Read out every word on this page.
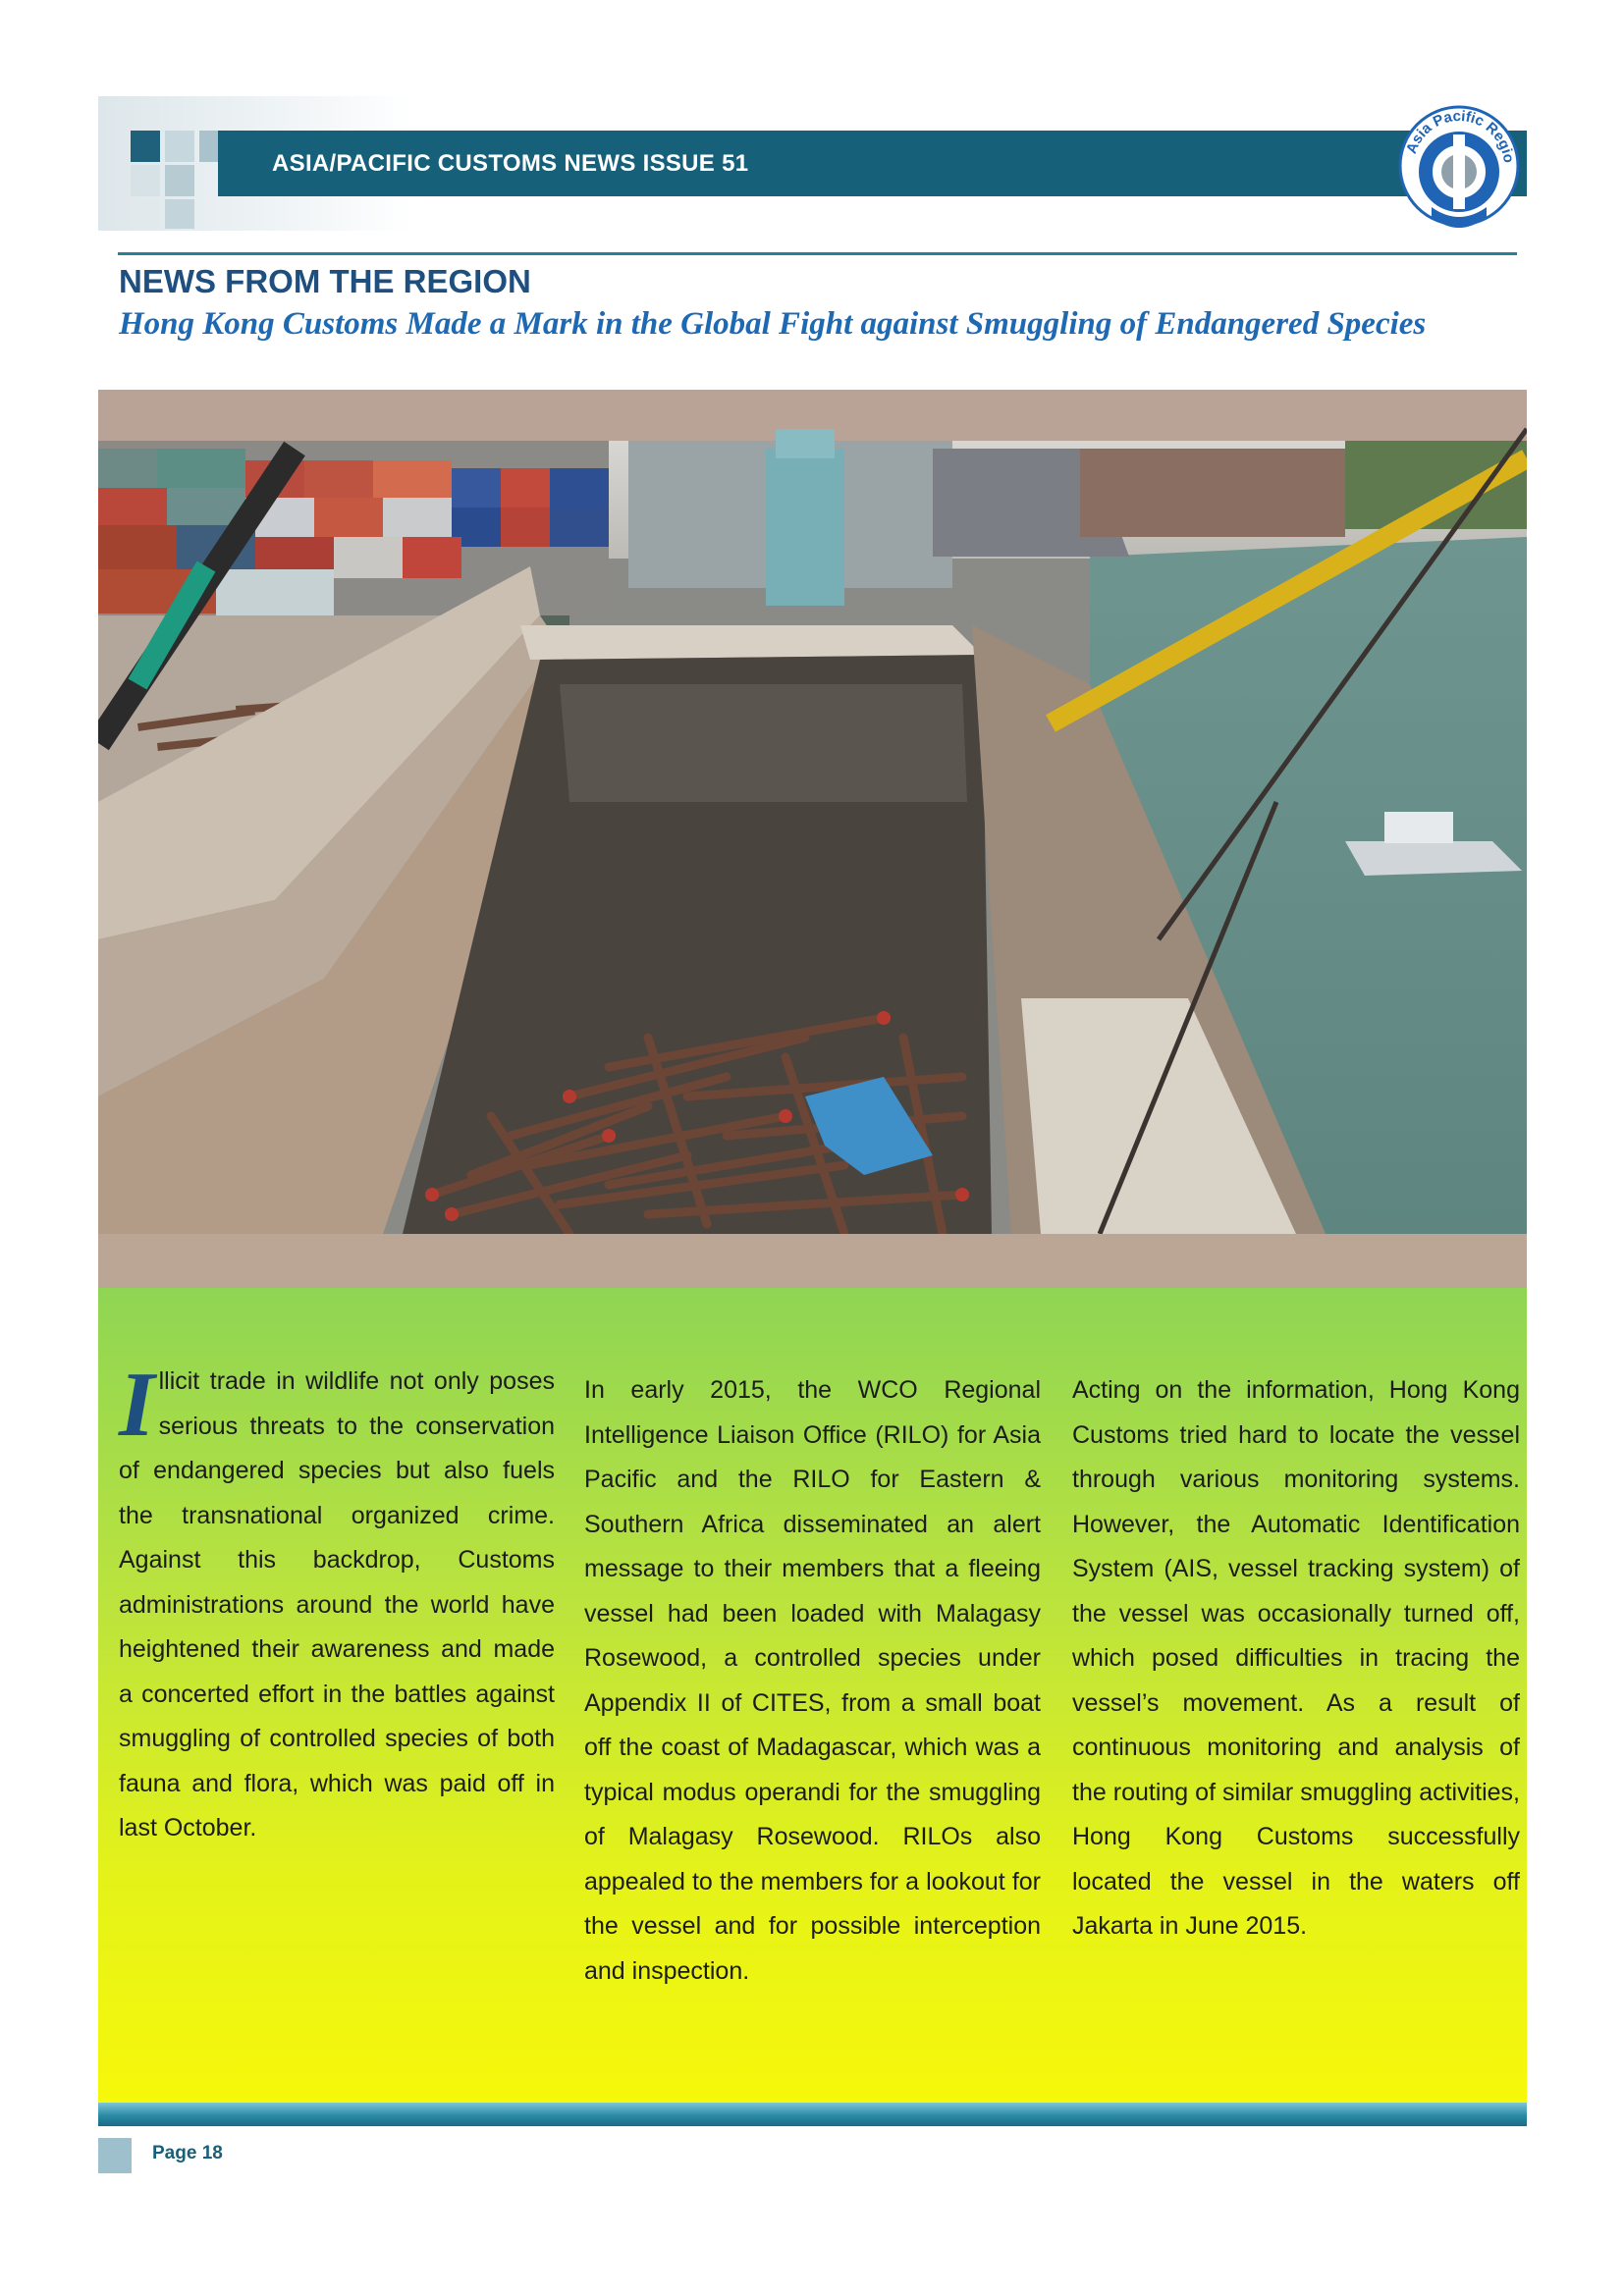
ASIA/PACIFIC CUSTOMS NEWS ISSUE 51
Asia Pacific Regio
NEWS FROM THE REGION
Hong Kong Customs Made a Mark in the Global Fight against Smuggling of Endangered Species

Illicit trade in wildlife not only poses serious threats to the conservation of endangered species but also fuels the transnational organized crime. Against this backdrop, Customs administrations around the world have heightened their awareness and made a concerted effort in the battles against smuggling of controlled species of both fauna and flora, which was paid off in last October.

In early 2015, the WCO Regional Intelligence Liaison Office (RILO) for Asia Pacific and the RILO for Eastern & Southern Africa disseminated an alert message to their members that a fleeing vessel had been loaded with Malagasy Rosewood, a controlled species under Appendix II of CITES, from a small boat off the coast of Madagascar, which was a typical modus operandi for the smuggling of Malagasy Rosewood. RILOs also appealed to the members for a lookout for the vessel and for possible interception and inspection.

Acting on the information, Hong Kong Customs tried hard to locate the vessel through various monitoring systems. However, the Automatic Identification System (AIS, vessel tracking system) of the vessel was occasionally turned off, which posed difficulties in tracing the vessel’s movement. As a result of continuous monitoring and analysis of the routing of similar smuggling activities, Hong Kong Customs successfully located the vessel in the waters off Jakarta in June 2015.

Page 18
